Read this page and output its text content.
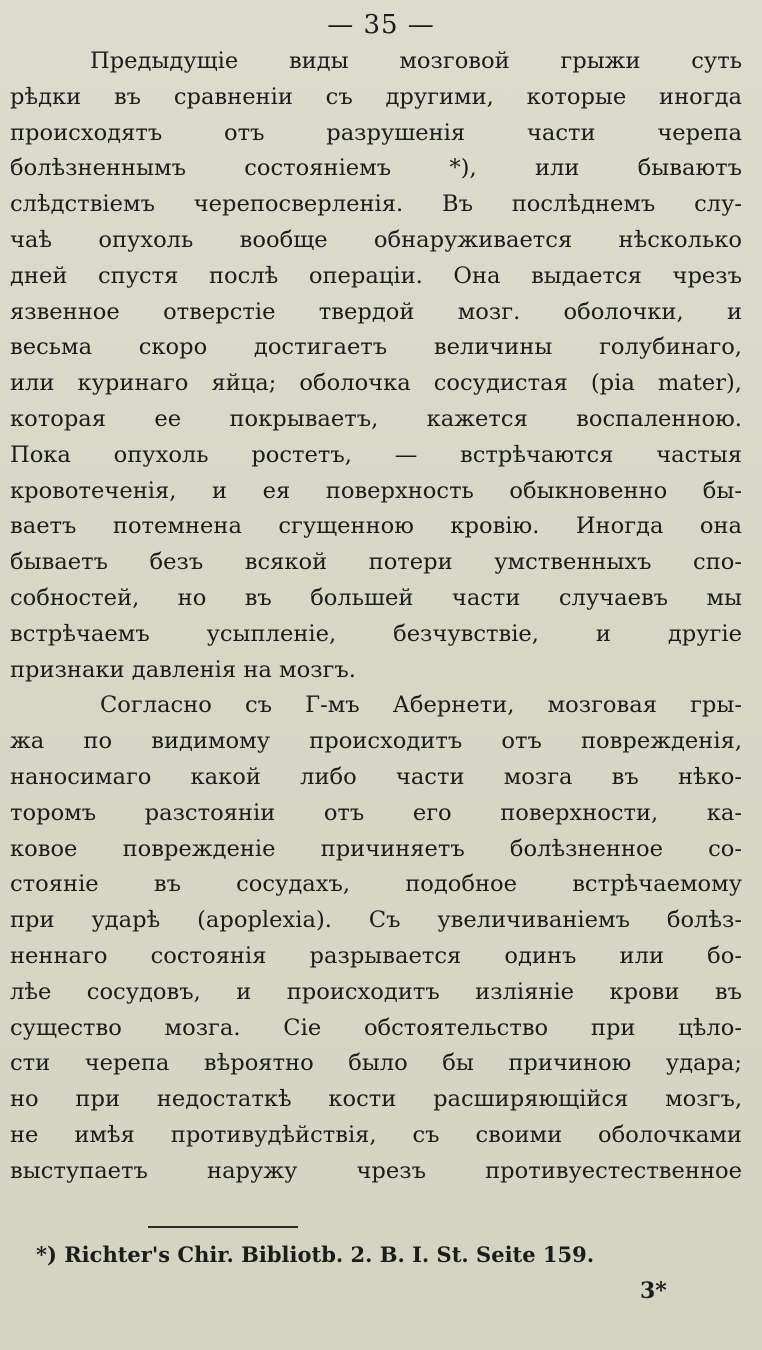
— 35 —
Предыдущіе виды мозговой грыжи суть
рѣдки въ сравненіи съ другими, которые иногда
происходятъ отъ разрушенія части черепа
болѣзненнымъ состояніемъ *), или бываютъ
слѣдствіемъ черепосверленія. Въ послѣднемъ слу-
чаѣ опухоль вообще обнаруживается нѣсколько
дней спустя послѣ операціи. Она выдается чрезъ
язвенное отверстіе твердой мозг. оболочки, и
весьма скоро достигаетъ величины голубинаго,
или куринаго яйца; оболочка сосудистая (pia mater),
которая ее покрываетъ, кажется воспаленною.
Пока опухоль ростетъ, — встрѣчаются частыя
кровотеченія, и ея поверхность обыкновенно бы-
ваетъ потемнена сгущенною кровію. Иногда она
бываетъ безъ всякой потери умственныхъ спо-
собностей, но въ большей части случаевъ мы
встрѣчаемъ усыпленіе, безчувствіе, и другіе
признаки давленія на мозгъ.
Согласно съ Г-мъ Абернети, мозговая гры-
жа по видимому происходитъ отъ поврежденія,
наносимаго какой либо части мозга въ нѣко-
торомъ разстояніи отъ его поверхности, ка-
ковое поврежденіе причиняетъ болѣзненное со-
стояніе въ сосудахъ, подобное встрѣчаемому
при ударѣ (apoplexia). Съ увеличиваніемъ болѣз-
неннаго состоянія разрывается одинъ или бо-
лѣе сосудовъ, и происходитъ изліяніе крови въ
существо мозга. Сіе обстоятельство при цѣло-
сти черепа вѣроятно было бы причиною удара;
но при недостаткѣ кости расширяющійся мозгъ,
не имѣя противудѣйствія, съ своими оболочками
выступаетъ наружу чрезъ противуестественное
*) Richter's Chir. Bibliotb. 2. B. I. St. Seite 159.
3*
